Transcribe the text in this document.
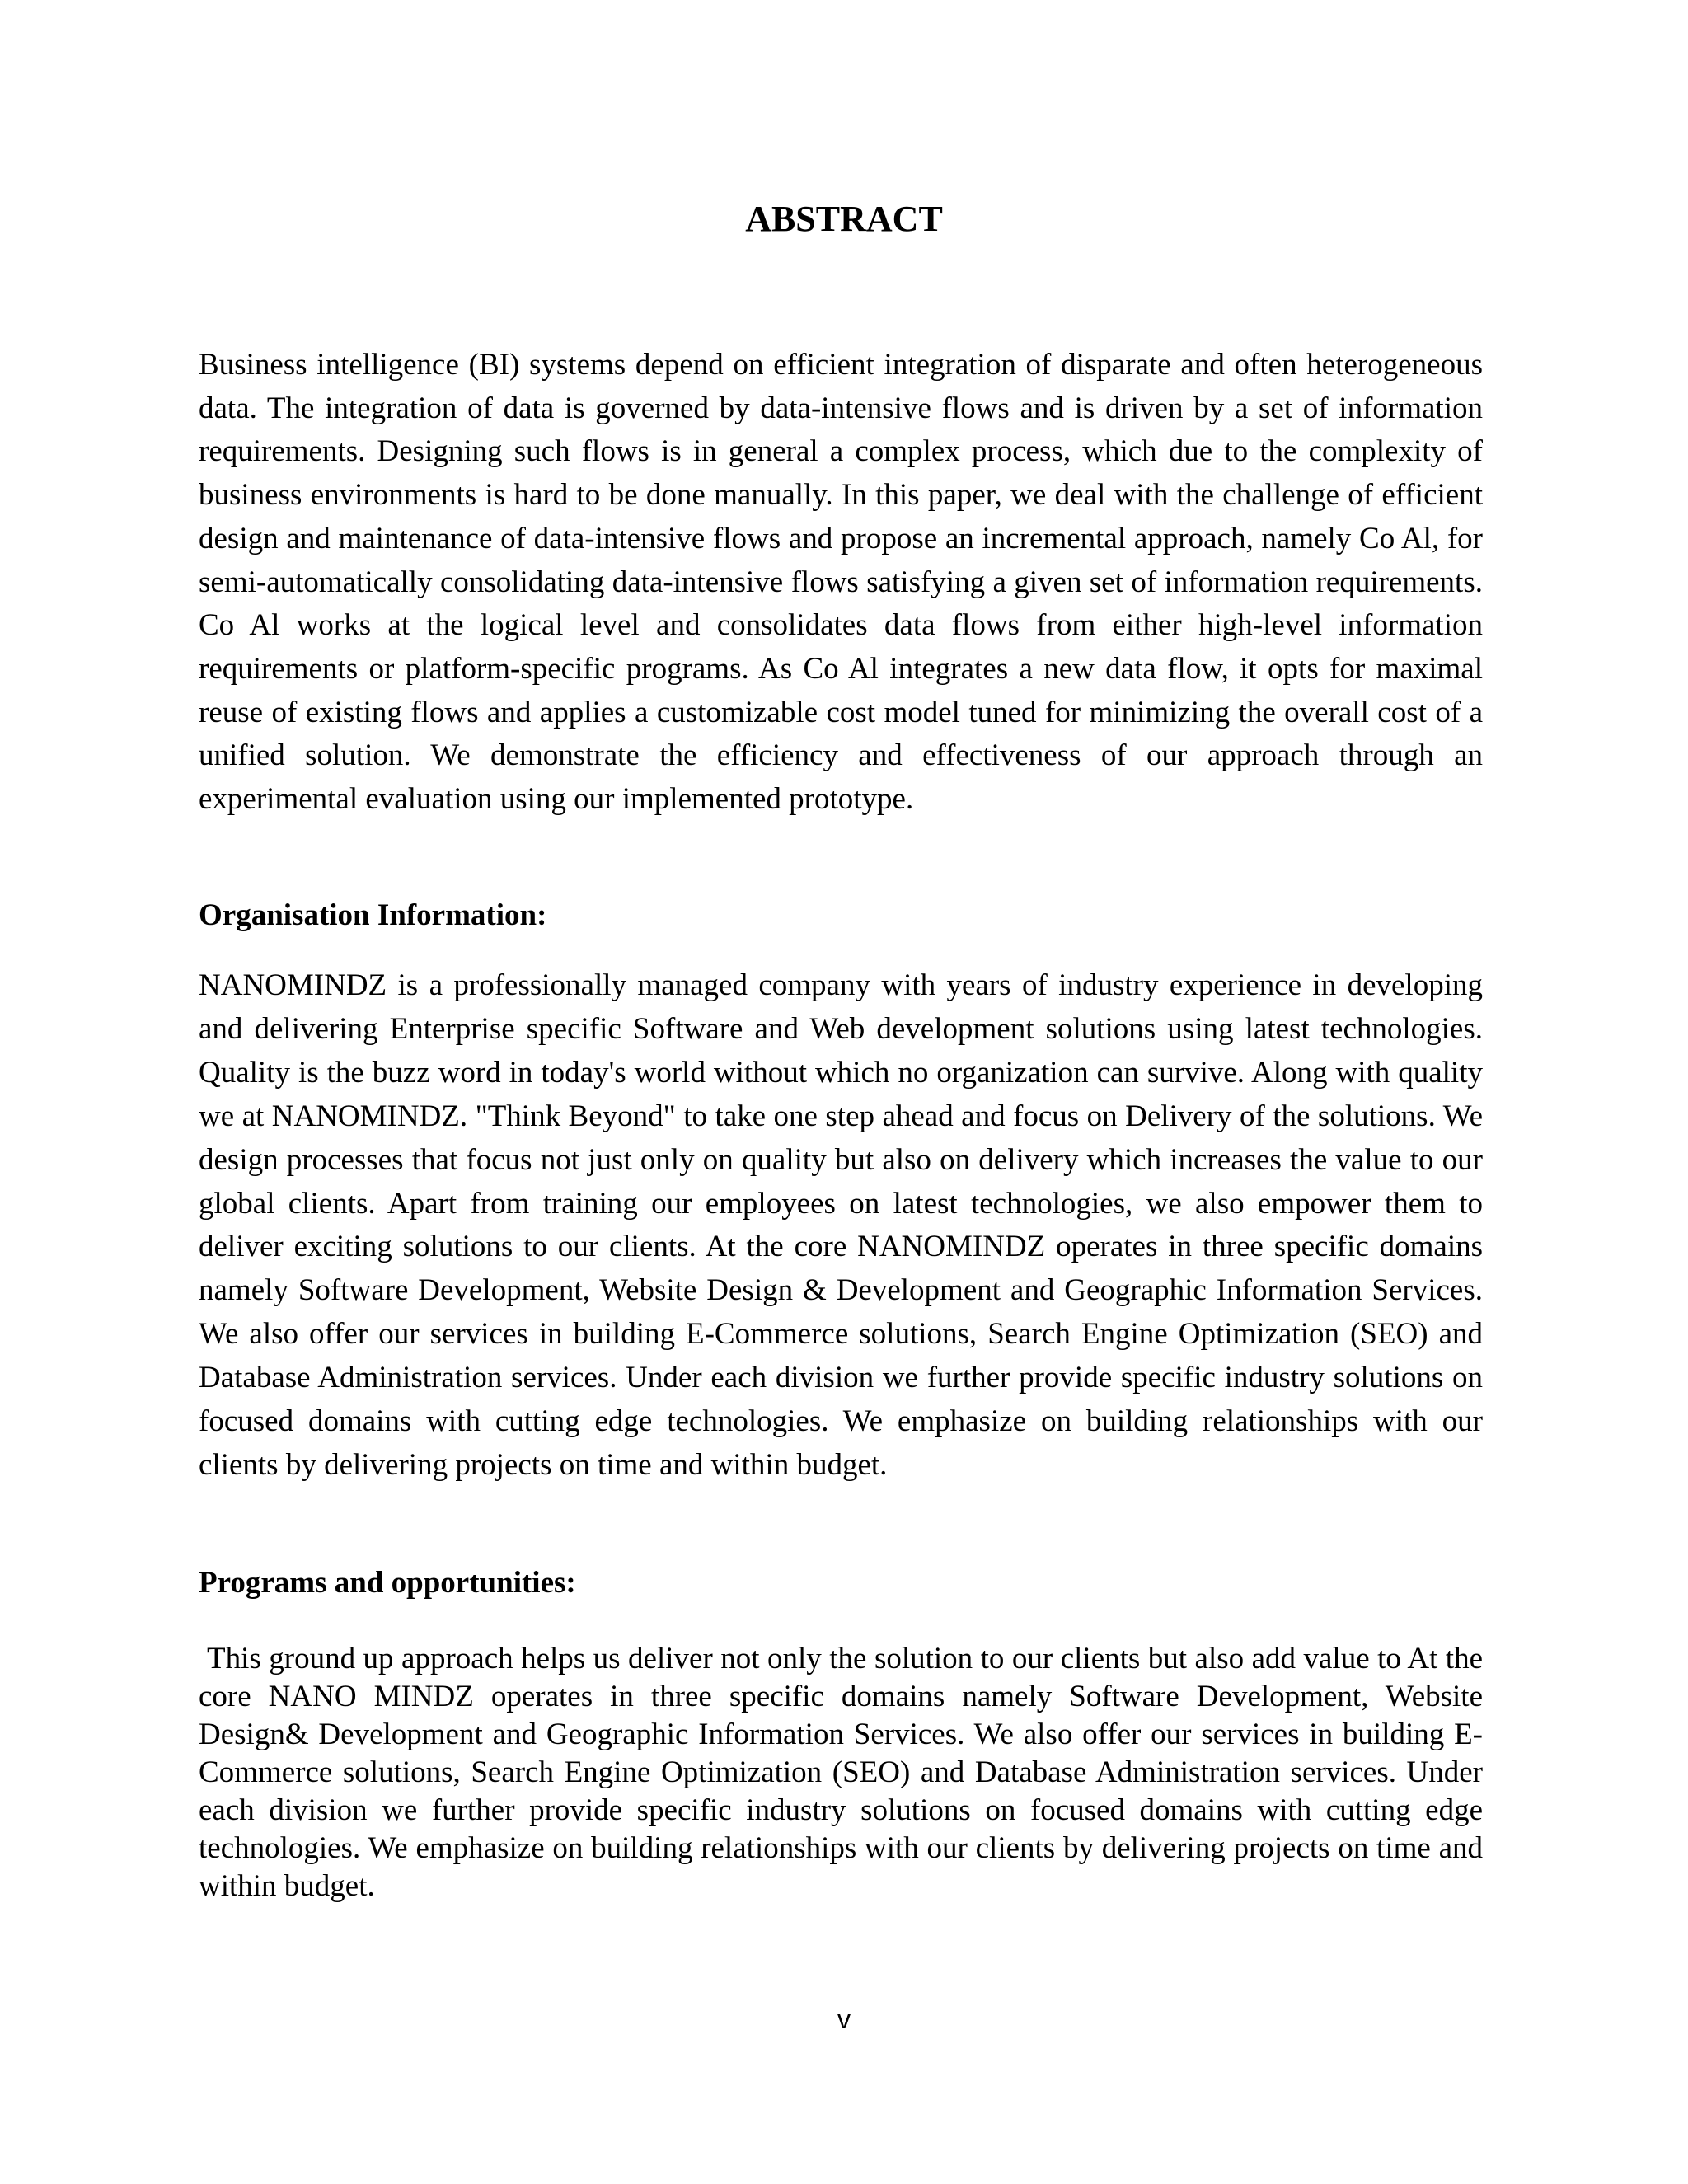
ABSTRACT

Business intelligence (BI) systems depend on efficient integration of disparate and often heterogeneous data. The integration of data is governed by data-intensive flows and is driven by a set of information requirements. Designing such flows is in general a complex process, which due to the complexity of business environments is hard to be done manually. In this paper, we deal with the challenge of efficient design and maintenance of data-intensive flows and propose an incremental approach, namely Co Al, for semi-automatically consolidating data-intensive flows satisfying a given set of information requirements. Co Al works at the logical level and consolidates data flows from either high-level information requirements or platform-specific programs. As Co Al integrates a new data flow, it opts for maximal reuse of existing flows and applies a customizable cost model tuned for minimizing the overall cost of a unified solution. We demonstrate the efficiency and effectiveness of our approach through an experimental evaluation using our implemented prototype.

Organisation Information:

NANOMINDZ is a professionally managed company with years of industry experience in developing and delivering Enterprise specific Software and Web development solutions using latest technologies. Quality is the buzz word in today's world without which no organization can survive. Along with quality we at NANOMINDZ. "Think Beyond" to take one step ahead and focus on Delivery of the solutions. We design processes that focus not just only on quality but also on delivery which increases the value to our global clients. Apart from training our employees on latest technologies, we also empower them to deliver exciting solutions to our clients. At the core NANOMINDZ operates in three specific domains namely Software Development, Website Design & Development and Geographic Information Services. We also offer our services in building E-Commerce solutions, Search Engine Optimization (SEO) and Database Administration services. Under each division we further provide specific industry solutions on focused domains with cutting edge technologies. We emphasize on building relationships with our clients by delivering projects on time and within budget.

Programs and opportunities:

This ground up approach helps us deliver not only the solution to our clients but also add value to At the core NANO MINDZ operates in three specific domains namely Software Development, Website Design& Development and Geographic Information Services. We also offer our services in building E-Commerce solutions, Search Engine Optimization (SEO) and Database Administration services. Under each division we further provide specific industry solutions on focused domains with cutting edge technologies. We emphasize on building relationships with our clients by delivering projects on time and within budget.

v
